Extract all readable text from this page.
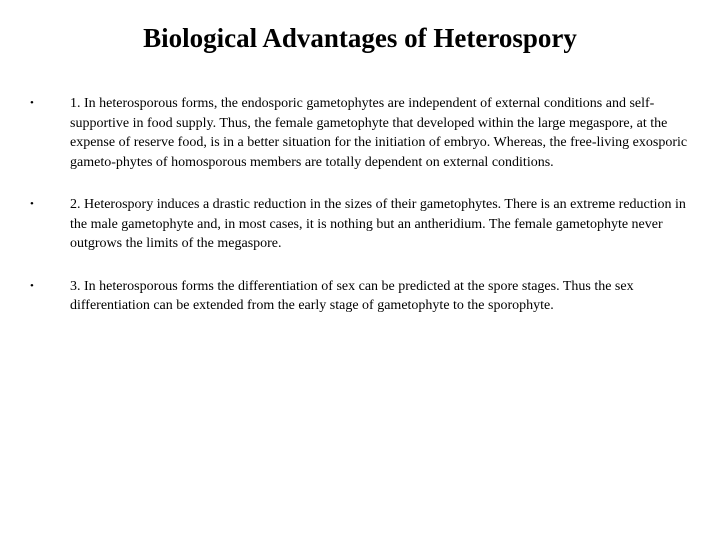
Biological Advantages of Heterospory
•	1. In heterosporous forms, the endosporic gametophytes are independent of external conditions and self-supportive in food supply. Thus, the female gametophyte that developed within the large megaspore, at the expense of reserve food, is in a better situation for the initiation of embryo. Whereas, the free-living exosporic gameto-phytes of homosporous members are totally dependent on external conditions.
•	2. Heterospory induces a drastic reduction in the sizes of their gametophytes. There is an extreme reduction in the male gametophyte and, in most cases, it is nothing but an antheridium. The female gametophyte never outgrows the limits of the megaspore.
•	3. In heterosporous forms the differentiation of sex can be predicted at the spore stages. Thus the sex differentiation can be extended from the early stage of gametophyte to the sporophyte.
